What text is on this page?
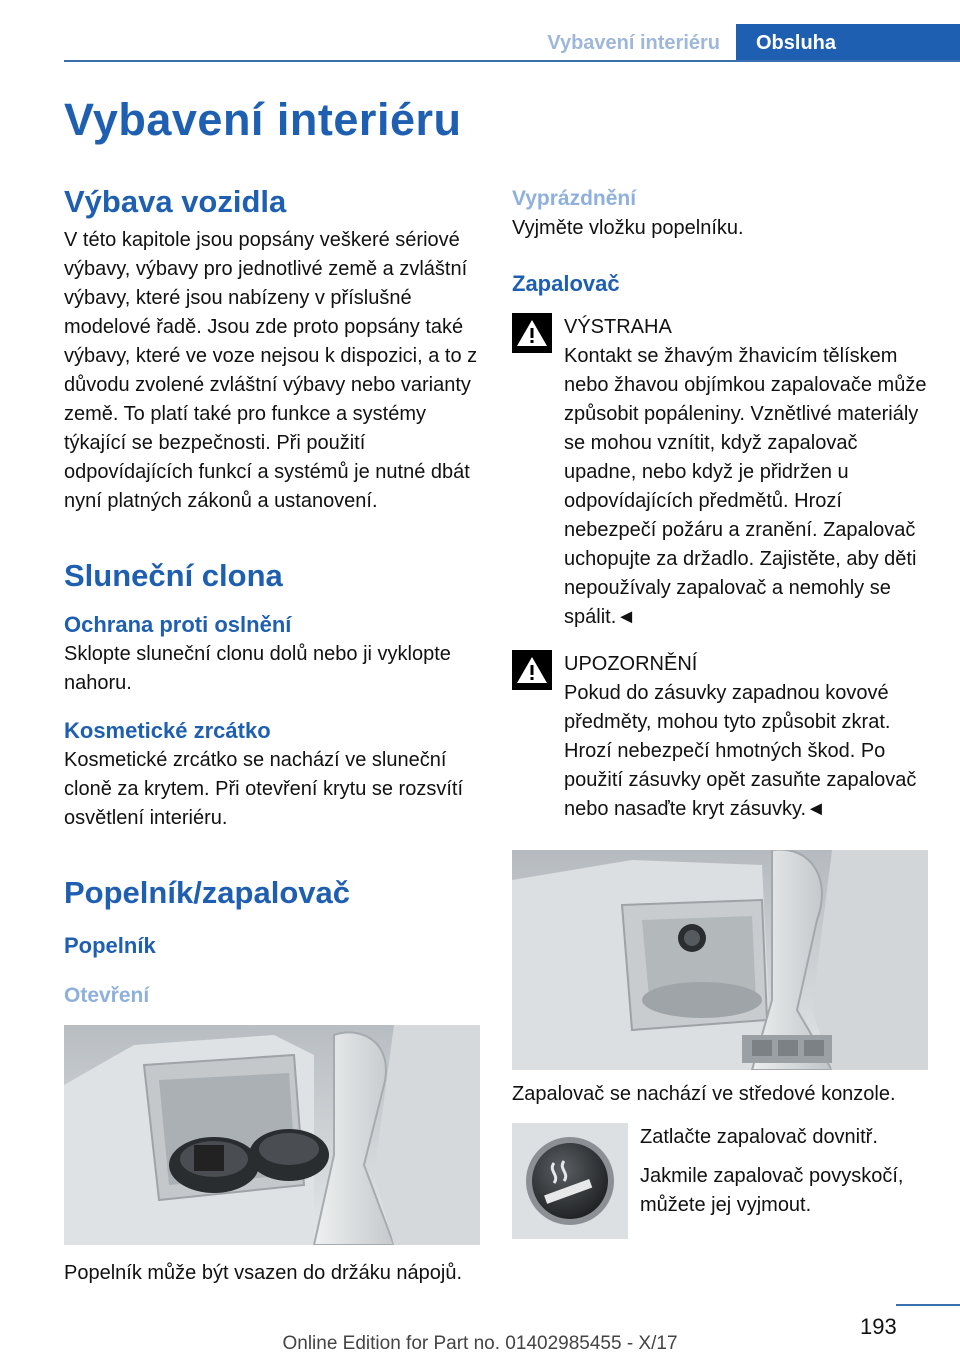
Vybavení interiéru	Obsluha
Vybavení interiéru
Výbava vozidla

V této kapitole jsou popsány veškeré sériové výbavy, výbavy pro jednotlivé země a zvláštní výbavy, které jsou nabízeny v příslušné modelové řadě. Jsou zde proto popsány také výbavy, které ve voze nejsou k dispozici, a to z důvodu zvolené zvláštní výbavy nebo varianty země. To platí také pro funkce a systémy týkající se bezpečnosti. Při použití odpovídajících funkcí a systémů je nutné dbát nyní platných zákonů a ustanovení.

Sluneční clona
Ochrana proti oslnění

Sklopte sluneční clonu dolů nebo ji vyklopte nahoru.

Kosmetické zrcátko

Kosmetické zrcátko se nachází ve sluneční cloně za krytem. Při otevření krytu se rozsvítí osvětlení interiéru.

Popelník/zapalovač
Popelník
Otevření

Popelník může být vsazen do držáku nápojů.

Vyprázdnění

Vyjměte vložku popelníku.

Zapalovač

VÝSTRAHA

Kontakt se žhavým žhavicím tělískem nebo žhavou objímkou zapalovače může způsobit popáleniny. Vznětlivé materiály se mohou vznítit, když zapalovač upadne, nebo když je přidržen u odpovídajících předmětů. Hrozí nebezpečí požáru a zranění. Zapalovač uchopujte za držadlo. Zajistěte, aby děti nepoužívaly zapalovač a nemohly se spálit.◄

UPOZORNĚNÍ

Pokud do zásuvky zapadnou kovové předměty, mohou tyto způsobit zkrat. Hrozí nebezpečí hmotných škod. Po použití zásuvky opět zasuňte zapalovač nebo nasaďte kryt zásuvky.◄

Zapalovač se nachází ve středové konzole.

Zatlačte zapalovač dovnitř.

Jakmile zapalovač povyskočí, můžete jej vyjmout.

193
Online Edition for Part no. 01402985455 - X/17
